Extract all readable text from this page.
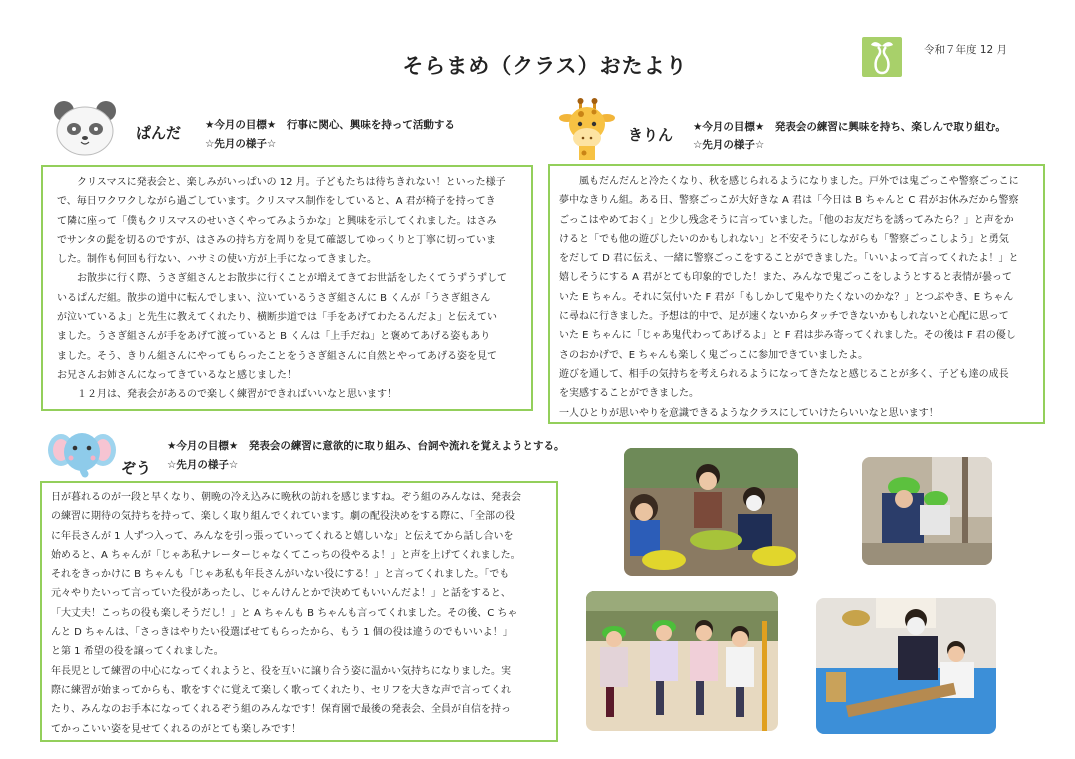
そらまめ（クラス）おたより
令和７年度 12 月
ぱんだ ★今月の目標★　行事に関心、興味を持って活動する
☆先月の様子☆

クリスマスに発表会と、楽しみがいっぱいの 12 月。子どもたちは待ちきれない！といった様子

で、毎日ワクワクしながら過ごしています。クリスマス制作をしていると、A 君が椅子を持ってき

て隣に座って「僕もクリスマスのせいさくやってみようかな」と興味を示してくれました。はさみ

でサンタの髭を切るのですが、はさみの持ち方を周りを見て確認してゆっくりと丁寧に切っていま

した。制作も何回も行ない、ハサミの使い方が上手になってきました。

お散歩に行く際、うさぎ組さんとお散歩に行くことが増えてきてお世話をしたくてうずうずして

いるぱんだ組。散歩の道中に転んでしまい、泣いているうさぎ組さんに B くんが「うさぎ組さん

が泣いているよ」と先生に教えてくれたり、横断歩道では「手をあげてわたるんだよ」と伝えてい

ました。うさぎ組さんが手をあげて渡っていると B くんは「上手だね」と褒めてあげる姿もあり

ました。そう、きりん組さんにやってもらったことをうさぎ組さんに自然とやってあげる姿を見て

お兄さんお姉さんになってきているなと感じました！

１２月は、発表会があるので楽しく練習ができればいいなと思います！

きりん ★今月の目標★　発表会の練習に興味を持ち、楽しんで取り組む。
☆先月の様子☆

風もだんだんと冷たくなり、秋を感じられるようになりました。戸外では鬼ごっこや警察ごっこに

夢中なきりん組。ある日、警察ごっこが大好きな A 君は「今日は B ちゃんと C 君がお休みだから警察

ごっこはやめておく」と少し残念そうに言っていました。「他のお友だちを誘ってみたら？」と声をか

けると「でも他の遊びしたいのかもしれない」と不安そうにしながらも「警察ごっこしよう」と勇気

をだして D 君に伝え、一緒に警察ごっこをすることができました。「いいよって言ってくれたよ！」と

嬉しそうにする A 君がとても印象的でした！また、みんなで鬼ごっこをしようとすると表情が曇って

いた E ちゃん。それに気付いた F 君が「もしかして鬼やりたくないのかな？」とつぶやき、E ちゃん

に尋ねに行きました。予想は的中で、足が速くないからタッチできないかもしれないと心配に思って

いた E ちゃんに「じゃあ鬼代わってあげるよ」と F 君は歩み寄ってくれました。その後は F 君の優し

さのおかげで、E ちゃんも楽しく鬼ごっこに参加できていましたよ。

遊びを通して、相手の気持ちを考えられるようになってきたなと感じることが多く、子ども達の成長

を実感することができました。

一人ひとりが思いやりを意識できるようなクラスにしていけたらいいなと思います！

ぞう
★今月の目標★　発表会の練習に意欲的に取り組み、台詞や流れを覚えようとする。
☆先月の様子☆

日が暮れるのが一段と早くなり、朝晩の冷え込みに晩秋の訪れを感じますね。ぞう組のみんなは、発表会

の練習に期待の気持ちを持って、楽しく取り組んでくれています。劇の配役決めをする際に、「全部の役

に年長さんが 1 人ずつ入って、みんなを引っ張っていってくれると嬉しいな」と伝えてから話し合いを

始めると、A ちゃんが「じゃあ私ナレーターじゃなくてこっちの役やるよ！」と声を上げてくれました。

それをきっかけに B ちゃんも「じゃあ私も年長さんがいない役にする！」と言ってくれました。「でも

元々やりたいって言っていた役があったし、じゃんけんとかで決めてもいいんだよ！」と話をすると、

「大丈夫！こっちの役も楽しそうだし！」と A ちゃんも B ちゃんも言ってくれました。その後、C ちゃ

んと D ちゃんは、「さっきはやりたい役選ばせてもらったから、もう 1 個の役は違うのでもいいよ！」

と第 1 希望の役を譲ってくれました。

年長児として練習の中心になってくれようと、役を互いに譲り合う姿に温かい気持ちになりました。実

際に練習が始まってからも、歌をすぐに覚えて楽しく歌ってくれたり、セリフを大きな声で言ってくれ

たり、みんなのお手本になってくれるぞう組のみんなです！保育園で最後の発表会、全員が自信を持っ

てかっこいい姿を見せてくれるのがとても楽しみです！
